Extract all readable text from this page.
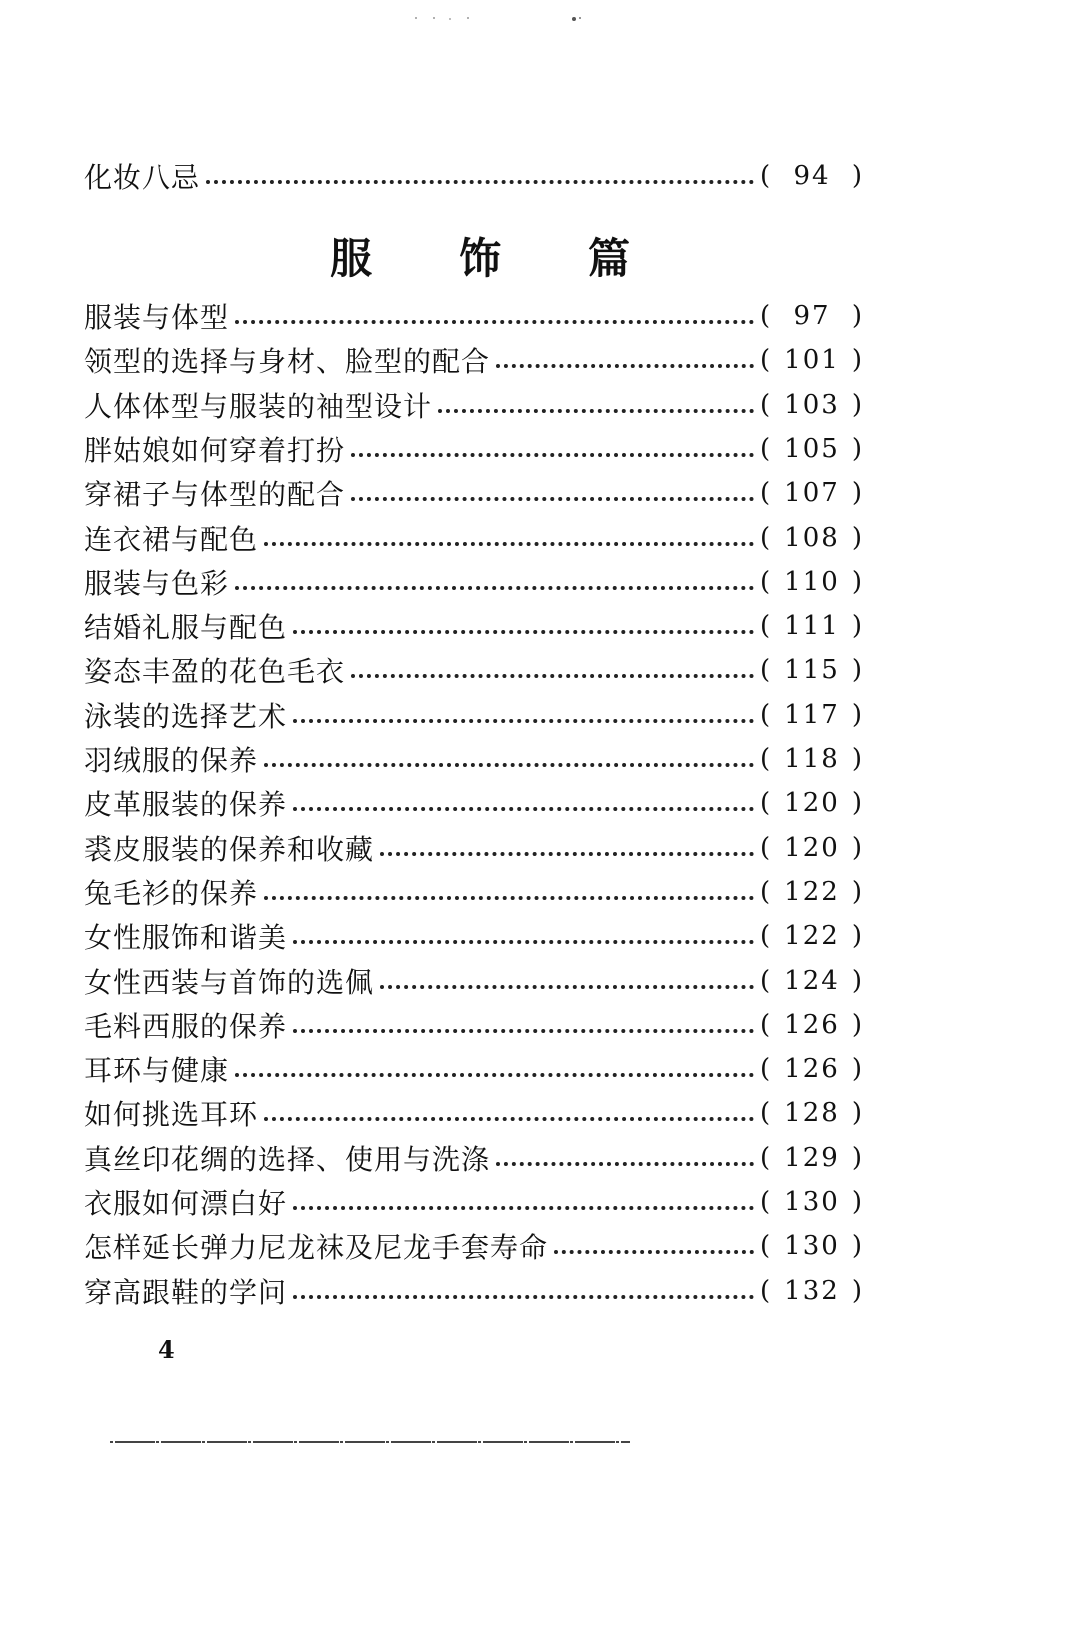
化妆八忌	( 94 )
服 饰 篇
服装与体型	( 97 )
领型的选择与身材、脸型的配合	( 101 )
人体体型与服装的袖型设计	( 103 )
胖姑娘如何穿着打扮	( 105 )
穿裙子与体型的配合	( 107 )
连衣裙与配色	( 108 )
服装与色彩	( 110 )
结婚礼服与配色	( 111 )
姿态丰盈的花色毛衣	( 115 )
泳装的选择艺术	( 117 )
羽绒服的保养	( 118 )
皮革服装的保养	( 120 )
裘皮服装的保养和收藏	( 120 )
兔毛衫的保养	( 122 )
女性服饰和谐美	( 122 )
女性西装与首饰的选佩	( 124 )
毛料西服的保养	( 126 )
耳环与健康	( 126 )
如何挑选耳环	( 128 )
真丝印花绸的选择、使用与洗涤	( 129 )
衣服如何漂白好	( 130 )
怎样延长弹力尼龙袜及尼龙手套寿命	( 130 )
穿高跟鞋的学问	( 132 )
4
